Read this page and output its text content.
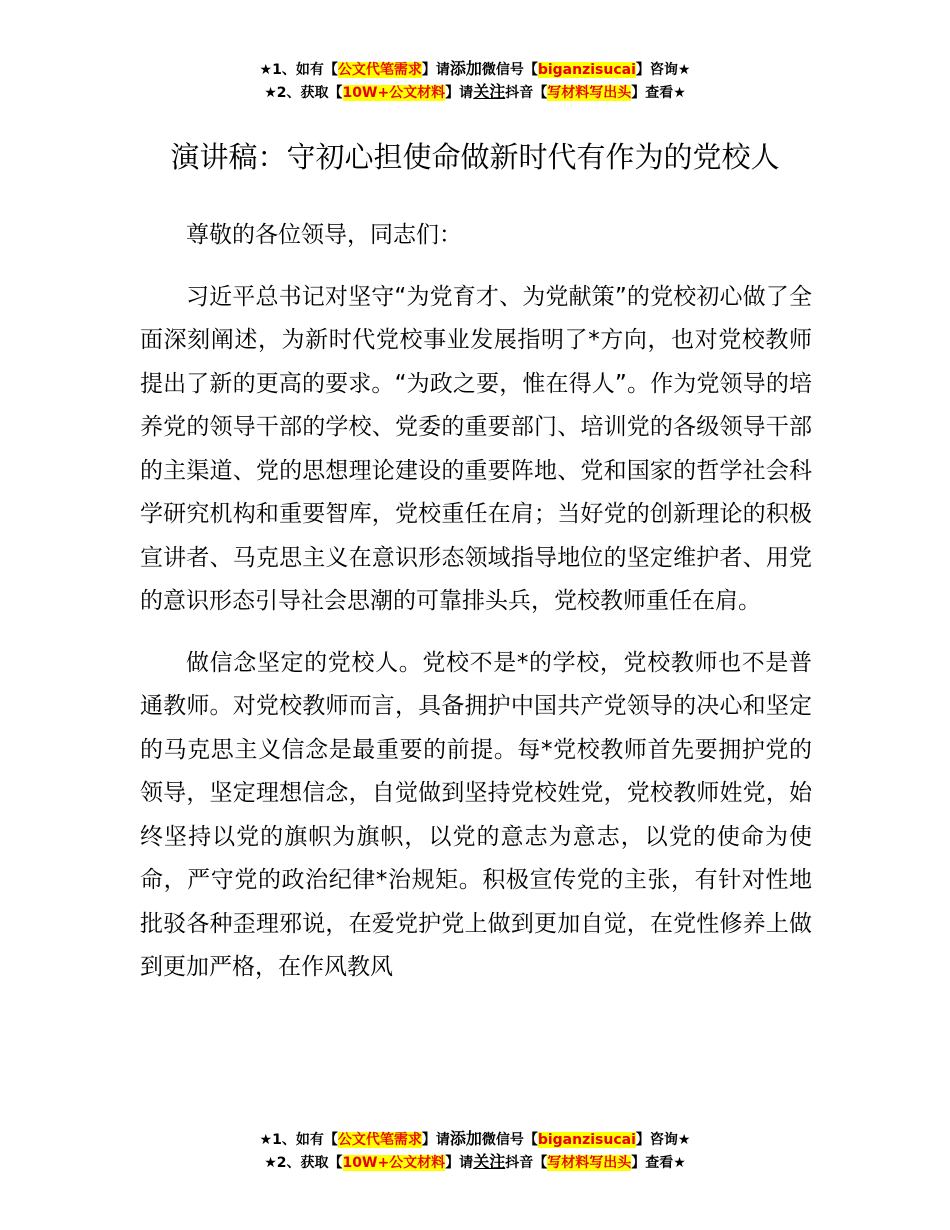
★1、如有【公文代笔需求】请添加微信号【biganzisucai】咨询★
★2、获取【10W+公文材料】请关注抖音【写材料写出头】查看★
演讲稿：守初心担使命做新时代有作为的党校人

尊敬的各位领导，同志们：

习近平总书记对坚守“为党育才、为党献策”的党校初心做了全面深刻阐述，为新时代党校事业发展指明了*方向，也对党校教师提出了新的更高的要求。“为政之要，惟在得人”。作为党领导的培养党的领导干部的学校、党委的重要部门、培训党的各级领导干部的主渠道、党的思想理论建设的重要阵地、党和国家的哲学社会科学研究机构和重要智库，党校重任在肩；当好党的创新理论的积极宣讲者、马克思主义在意识形态领域指导地位的坚定维护者、用党的意识形态引导社会思潮的可靠排头兵，党校教师重任在肩。

做信念坚定的党校人。党校不是*的学校，党校教师也不是普通教师。对党校教师而言，具备拥护中国共产党领导的决心和坚定的马克思主义信念是最重要的前提。每*党校教师首先要拥护党的领导，坚定理想信念，自觉做到坚持党校姓党，党校教师姓党，始终坚持以党的旗帜为旗帜，以党的意志为意志，以党的使命为使命，严守党的政治纪律*治规矩。积极宣传党的主张，有针对性地批驳各种歪理邪说，在爱党护党上做到更加自觉，在党性修养上做到更加严格，在作风教风

★1、如有【公文代笔需求】请添加微信号【biganzisucai】咨询★
★2、获取【10W+公文材料】请关注抖音【写材料写出头】查看★
